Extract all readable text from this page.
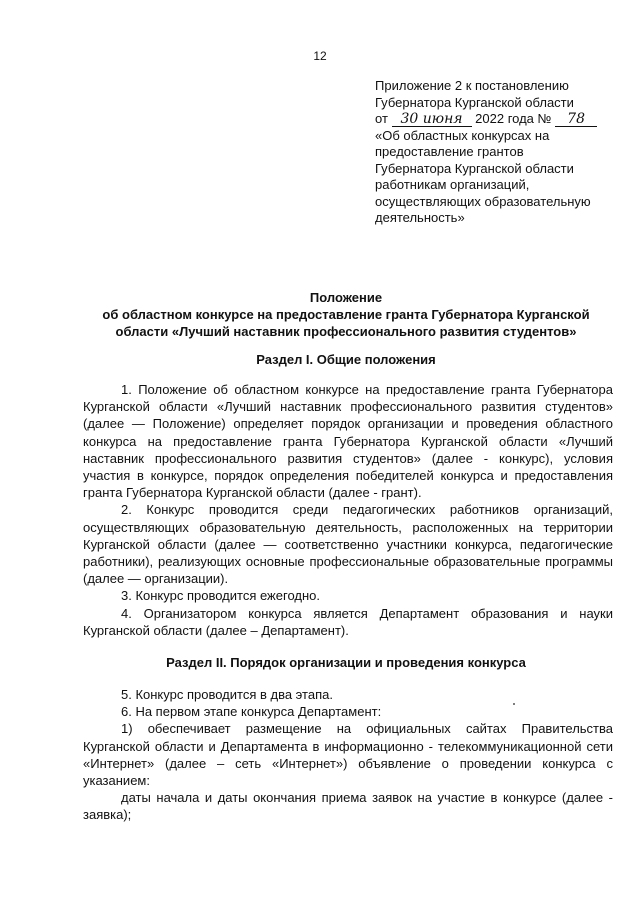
12
Приложение 2 к постановлению
Губернатора Курганской области
от 30 июня 2022 года № 78
«Об областных конкурсах на
предоставление грантов
Губернатора Курганской области
работникам организаций,
осуществляющих образовательную
деятельность»
Положение
об областном конкурсе на предоставление гранта Губернатора Курганской
области «Лучший наставник профессионального развития студентов»
Раздел I. Общие положения

1. Положение об областном конкурсе на предоставление гранта Губернатора Курганской области «Лучший наставник профессионального развития студентов» (далее — Положение) определяет порядок организации и проведения областного конкурса на предоставление гранта Губернатора Курганской области «Лучший наставник профессионального развития студентов» (далее - конкурс), условия участия в конкурсе, порядок определения победителей конкурса и предоставления гранта Губернатора Курганской области (далее - грант).

2. Конкурс проводится среди педагогических работников организаций, осуществляющих образовательную деятельность, расположенных на территории Курганской области (далее — соответственно участники конкурса, педагогические работники), реализующих основные профессиональные образовательные программы (далее — организации).

3. Конкурс проводится ежегодно.

4. Организатором конкурса является Департамент образования и науки Курганской области (далее – Департамент).

Раздел II. Порядок организации и проведения конкурса

5. Конкурс проводится в два этапа.

6. На первом этапе конкурса Департамент:

1) обеспечивает размещение на официальных сайтах Правительства Курганской области и Департамента в информационно - телекоммуникационной сети «Интернет» (далее – сеть «Интернет») объявление о проведении конкурса с указанием:

даты начала и даты окончания приема заявок на участие в конкурсе (далее - заявка);
